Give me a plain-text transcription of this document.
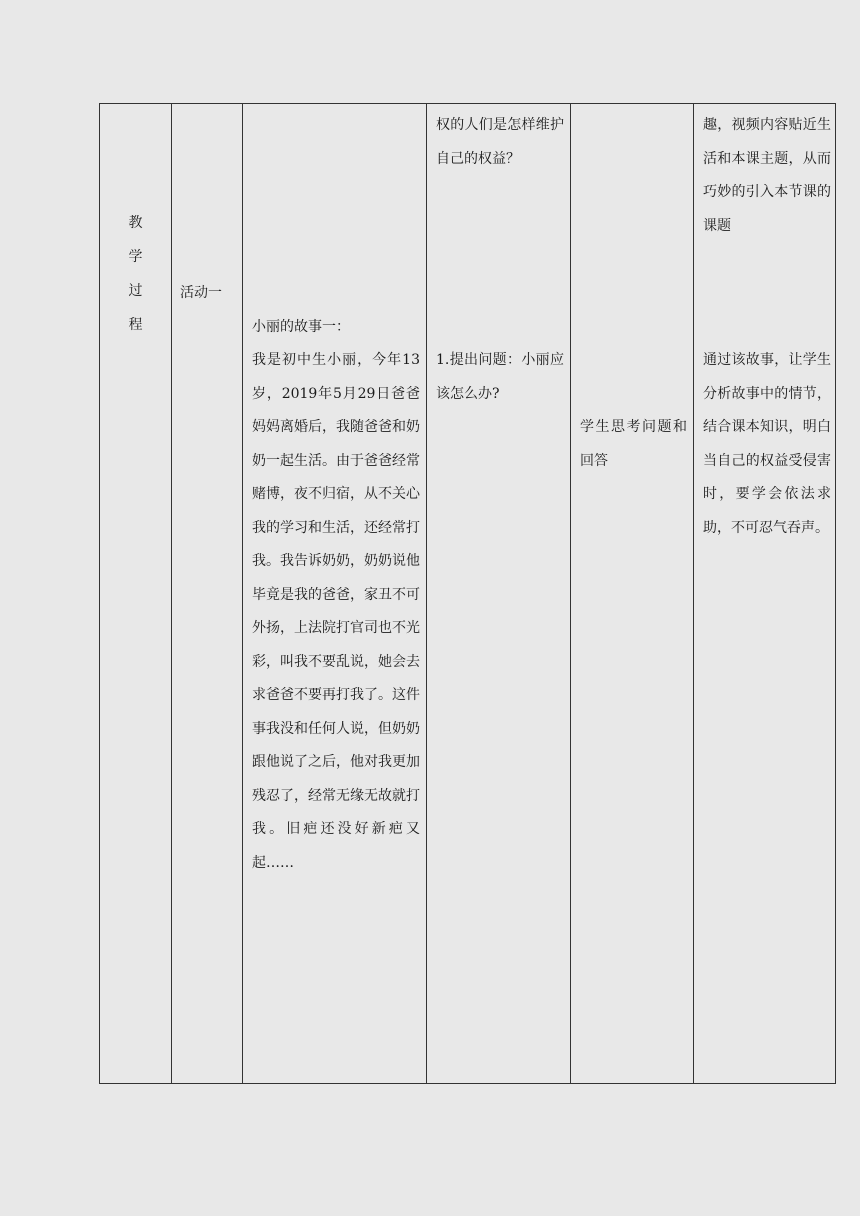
教
学
过
程
活动一

小丽的故事一：

我是初中生小丽，今年13岁，2019年5月29日爸爸妈妈离婚后，我随爸爸和奶奶一起生活。由于爸爸经常赌博，夜不归宿，从不关心我的学习和生活，还经常打我。我告诉奶奶，奶奶说他毕竟是我的爸爸，家丑不可外扬，上法院打官司也不光彩，叫我不要乱说，她会去求爸爸不要再打我了。这件事我没和任何人说，但奶奶跟他说了之后，他对我更加残忍了，经常无缘无故就打我。旧疤还没好新疤又起……

权的人们是怎样维护自己的权益？

1.提出问题：小丽应该怎么办?

学生思考问题和回答

趣，视频内容贴近生活和本课主题，从而巧妙的引入本节课的课题

通过该故事，让学生分析故事中的情节，结合课本知识，明白当自己的权益受侵害时，要学会依法求助，不可忍气吞声。
